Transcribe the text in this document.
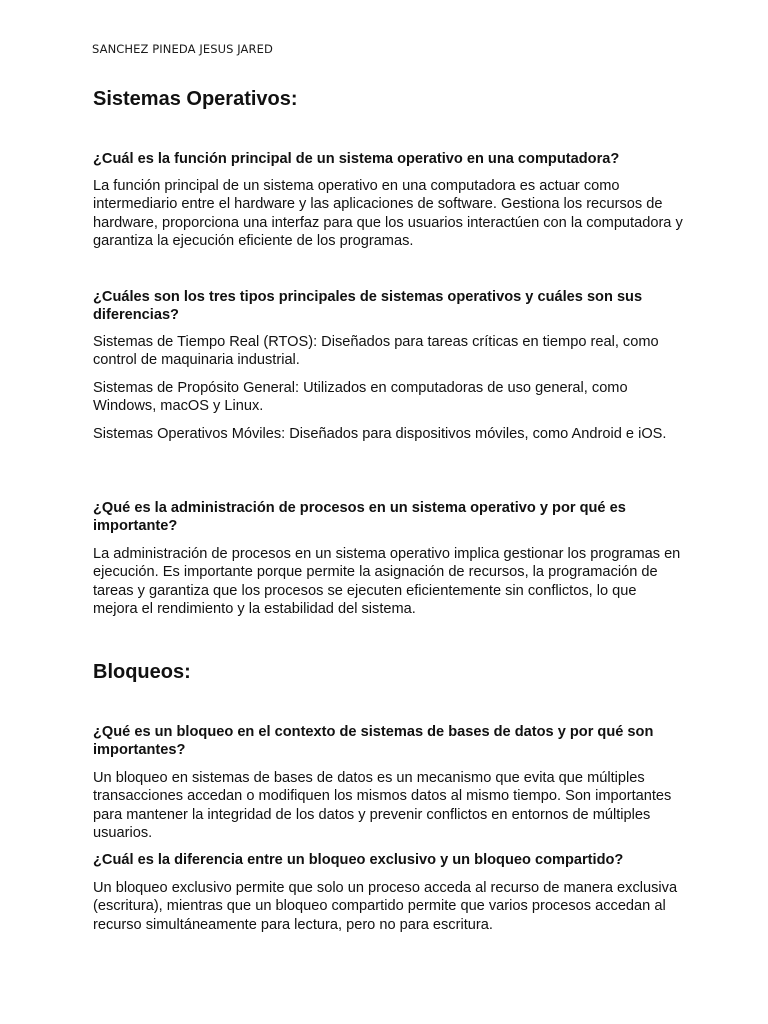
SANCHEZ PINEDA JESUS JARED
Sistemas Operativos:

¿Cuál es la función principal de un sistema operativo en una computadora?

La función principal de un sistema operativo en una computadora es actuar como intermediario entre el hardware y las aplicaciones de software. Gestiona los recursos de hardware, proporciona una interfaz para que los usuarios interactúen con la computadora y garantiza la ejecución eficiente de los programas.

¿Cuáles son los tres tipos principales de sistemas operativos y cuáles son sus diferencias?

Sistemas de Tiempo Real (RTOS): Diseñados para tareas críticas en tiempo real, como control de maquinaria industrial.

Sistemas de Propósito General: Utilizados en computadoras de uso general, como Windows, macOS y Linux.

Sistemas Operativos Móviles: Diseñados para dispositivos móviles, como Android e iOS.

¿Qué es la administración de procesos en un sistema operativo y por qué es importante?

La administración de procesos en un sistema operativo implica gestionar los programas en ejecución. Es importante porque permite la asignación de recursos, la programación de tareas y garantiza que los procesos se ejecuten eficientemente sin conflictos, lo que mejora el rendimiento y la estabilidad del sistema.

Bloqueos:

¿Qué es un bloqueo en el contexto de sistemas de bases de datos y por qué son importantes?

Un bloqueo en sistemas de bases de datos es un mecanismo que evita que múltiples transacciones accedan o modifiquen los mismos datos al mismo tiempo. Son importantes para mantener la integridad de los datos y prevenir conflictos en entornos de múltiples usuarios.

¿Cuál es la diferencia entre un bloqueo exclusivo y un bloqueo compartido?

Un bloqueo exclusivo permite que solo un proceso acceda al recurso de manera exclusiva (escritura), mientras que un bloqueo compartido permite que varios procesos accedan al recurso simultáneamente para lectura, pero no para escritura.
